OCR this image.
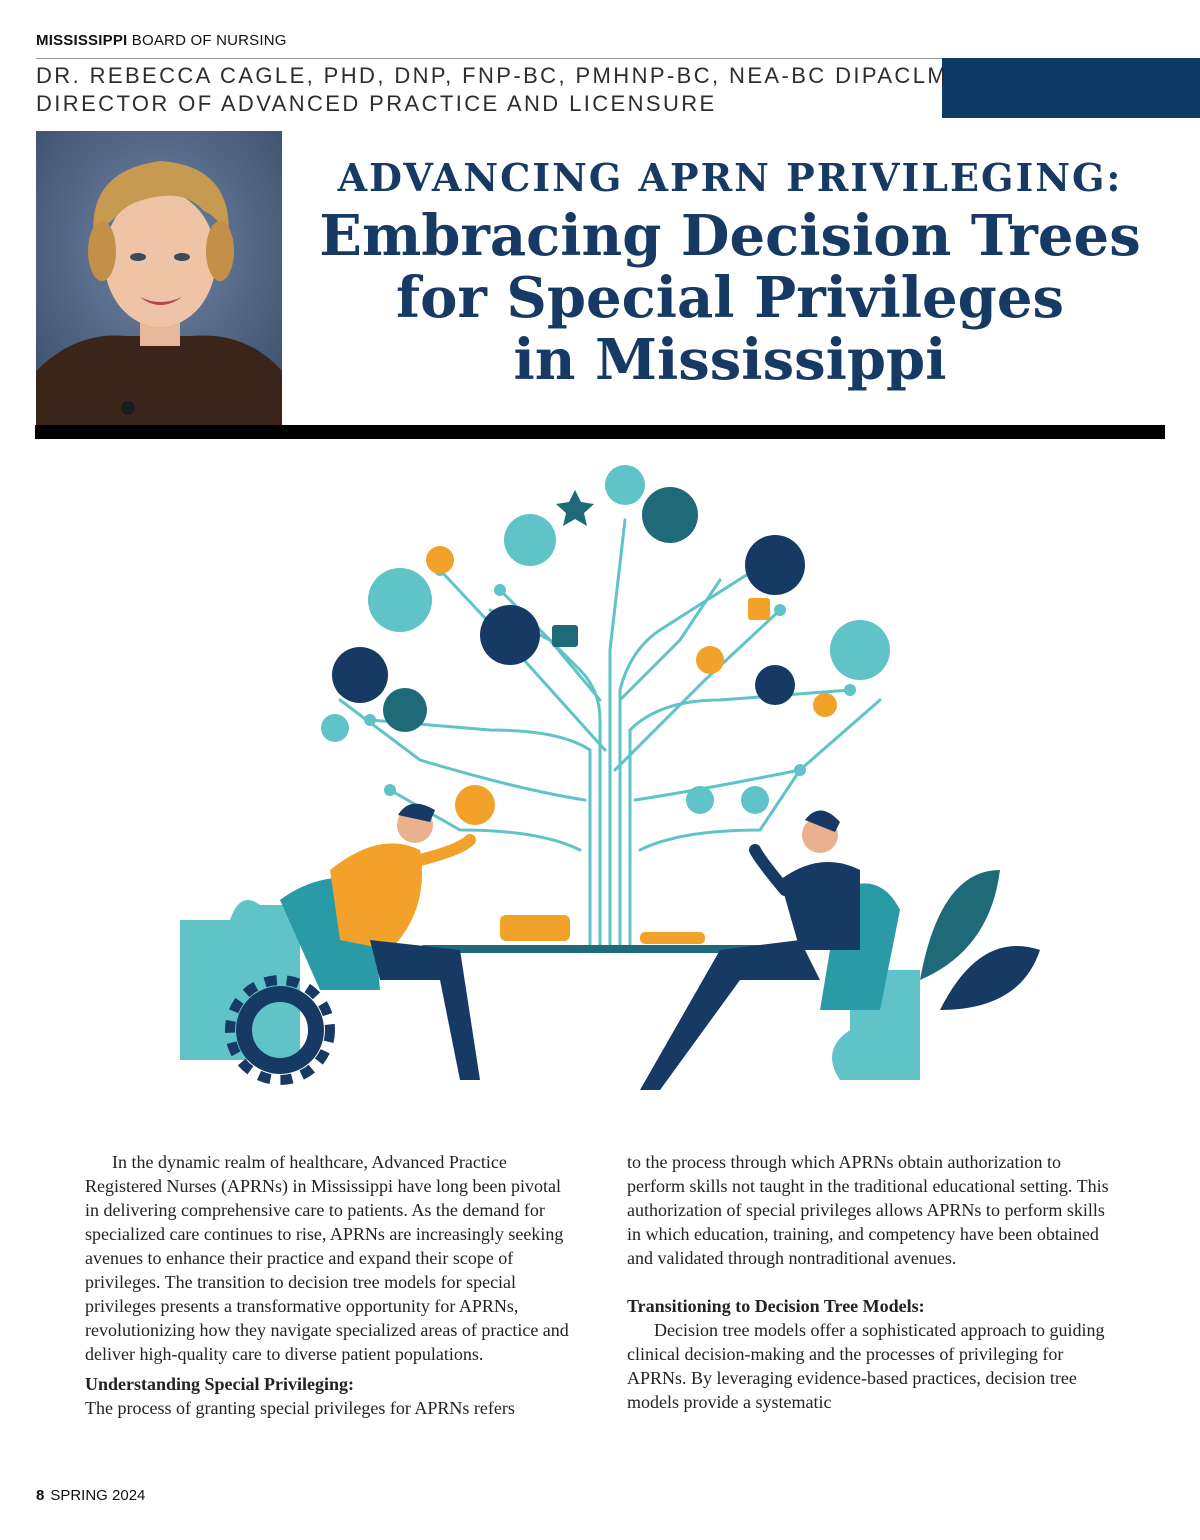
MISSISSIPPI BOARD OF NURSING
DR. REBECCA CAGLE, PHD, DNP, FNP-BC, PMHNP-BC, NEA-BC DIPACLM
DIRECTOR OF ADVANCED PRACTICE AND LICENSURE
ADVANCING APRN PRIVILEGING:
Embracing Decision Trees
for Special Privileges
in Mississippi

In the dynamic realm of healthcare, Advanced Practice Registered Nurses (APRNs) in Mississippi have long been pivotal in delivering comprehensive care to patients. As the demand for specialized care continues to rise, APRNs are increasingly seeking avenues to enhance their practice and expand their scope of privileges. The transition to decision tree models for special privileges presents a transformative opportunity for APRNs, revolutionizing how they navigate specialized areas of practice and deliver high-quality care to diverse patient populations.

Understanding Special Privileging:

The process of granting special privileges for APRNs refers

to the process through which APRNs obtain authorization to perform skills not taught in the traditional educational setting. This authorization of special privileges allows APRNs to perform skills in which education, training, and competency have been obtained and validated through nontraditional avenues.

Transitioning to Decision Tree Models:

Decision tree models offer a sophisticated approach to guiding clinical decision-making and the processes of privileging for APRNs. By leveraging evidence-based practices, decision tree models provide a systematic

8 SPRING 2024
